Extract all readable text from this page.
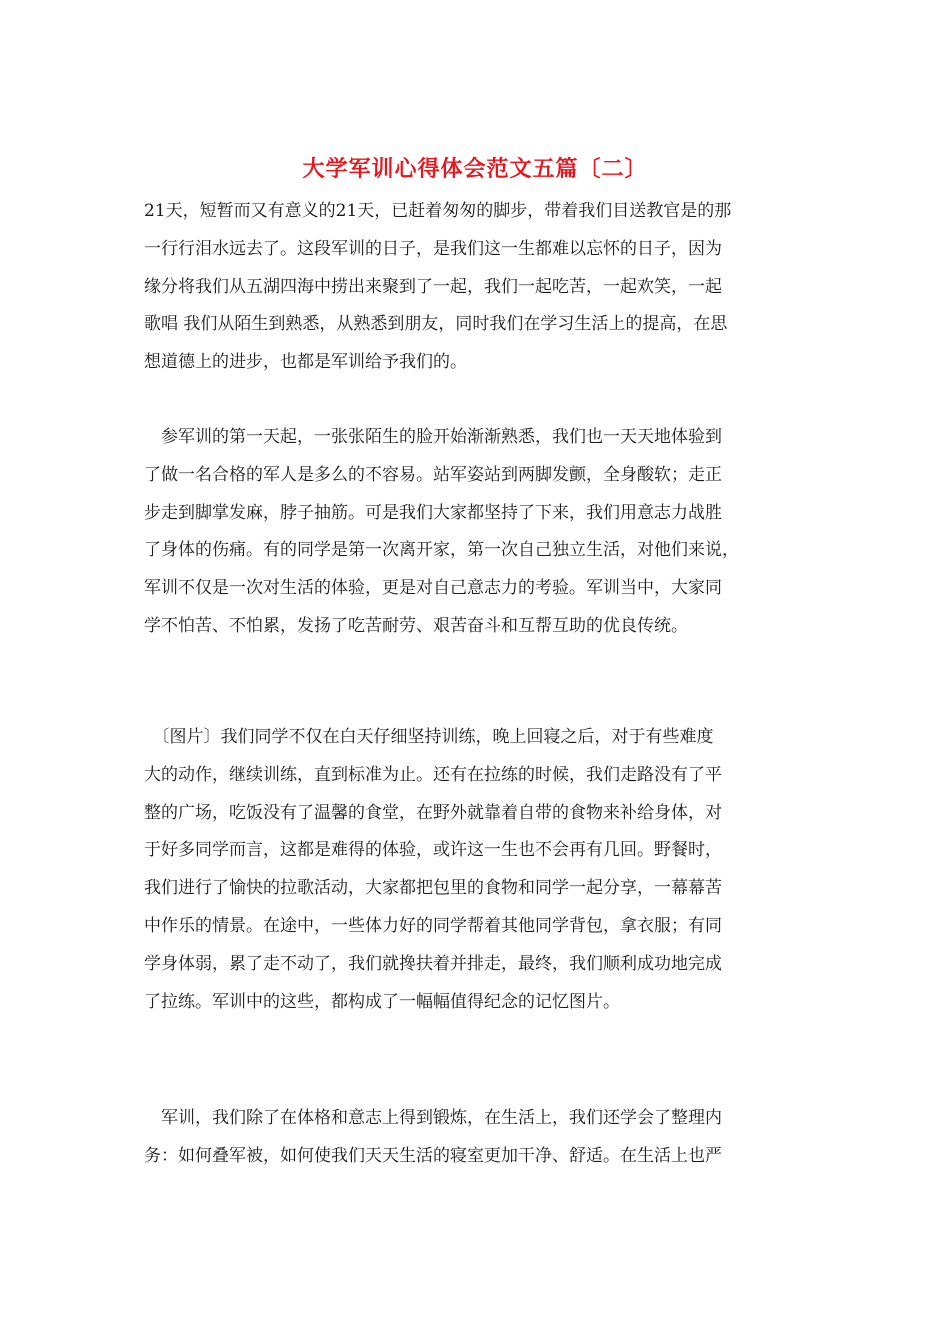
大学军训心得体会范文五篇〔二〕

21天，短暂而又有意义的21天，已赶着匆匆的脚步，带着我们目送教官是的那
一行行泪水远去了。这段军训的日子，是我们这一生都难以忘怀的日子，因为
缘分将我们从五湖四海中捞出来聚到了一起，我们一起吃苦，一起欢笑，一起
歌唱 我们从陌生到熟悉，从熟悉到朋友，同时我们在学习生活上的提高，在思
想道德上的进步，也都是军训给予我们的。

　参军训的第一天起，一张张陌生的脸开始渐渐熟悉，我们也一天天地体验到
了做一名合格的军人是多么的不容易。站军姿站到两脚发颤，全身酸软；走正
步走到脚掌发麻，脖子抽筋。可是我们大家都坚持了下来，我们用意志力战胜
了身体的伤痛。有的同学是第一次离开家，第一次自己独立生活，对他们来说，
军训不仅是一次对生活的体验，更是对自己意志力的考验。军训当中，大家同
学不怕苦、不怕累，发扬了吃苦耐劳、艰苦奋斗和互帮互助的优良传统。

　〔图片〕我们同学不仅在白天仔细坚持训练，晚上回寝之后，对于有些难度
大的动作，继续训练，直到标准为止。还有在拉练的时候，我们走路没有了平
整的广场，吃饭没有了温馨的食堂，在野外就靠着自带的食物来补给身体，对
于好多同学而言，这都是难得的体验，或许这一生也不会再有几回。野餐时，
我们进行了愉快的拉歌活动，大家都把包里的食物和同学一起分享，一幕幕苦
中作乐的情景。在途中，一些体力好的同学帮着其他同学背包，拿衣服；有同
学身体弱，累了走不动了，我们就搀扶着并排走，最终，我们顺利成功地完成
了拉练。军训中的这些，都构成了一幅幅值得纪念的记忆图片。

　军训，我们除了在体格和意志上得到锻炼，在生活上，我们还学会了整理内
务：如何叠军被，如何使我们天天生活的寝室更加干净、舒适。在生活上也严
